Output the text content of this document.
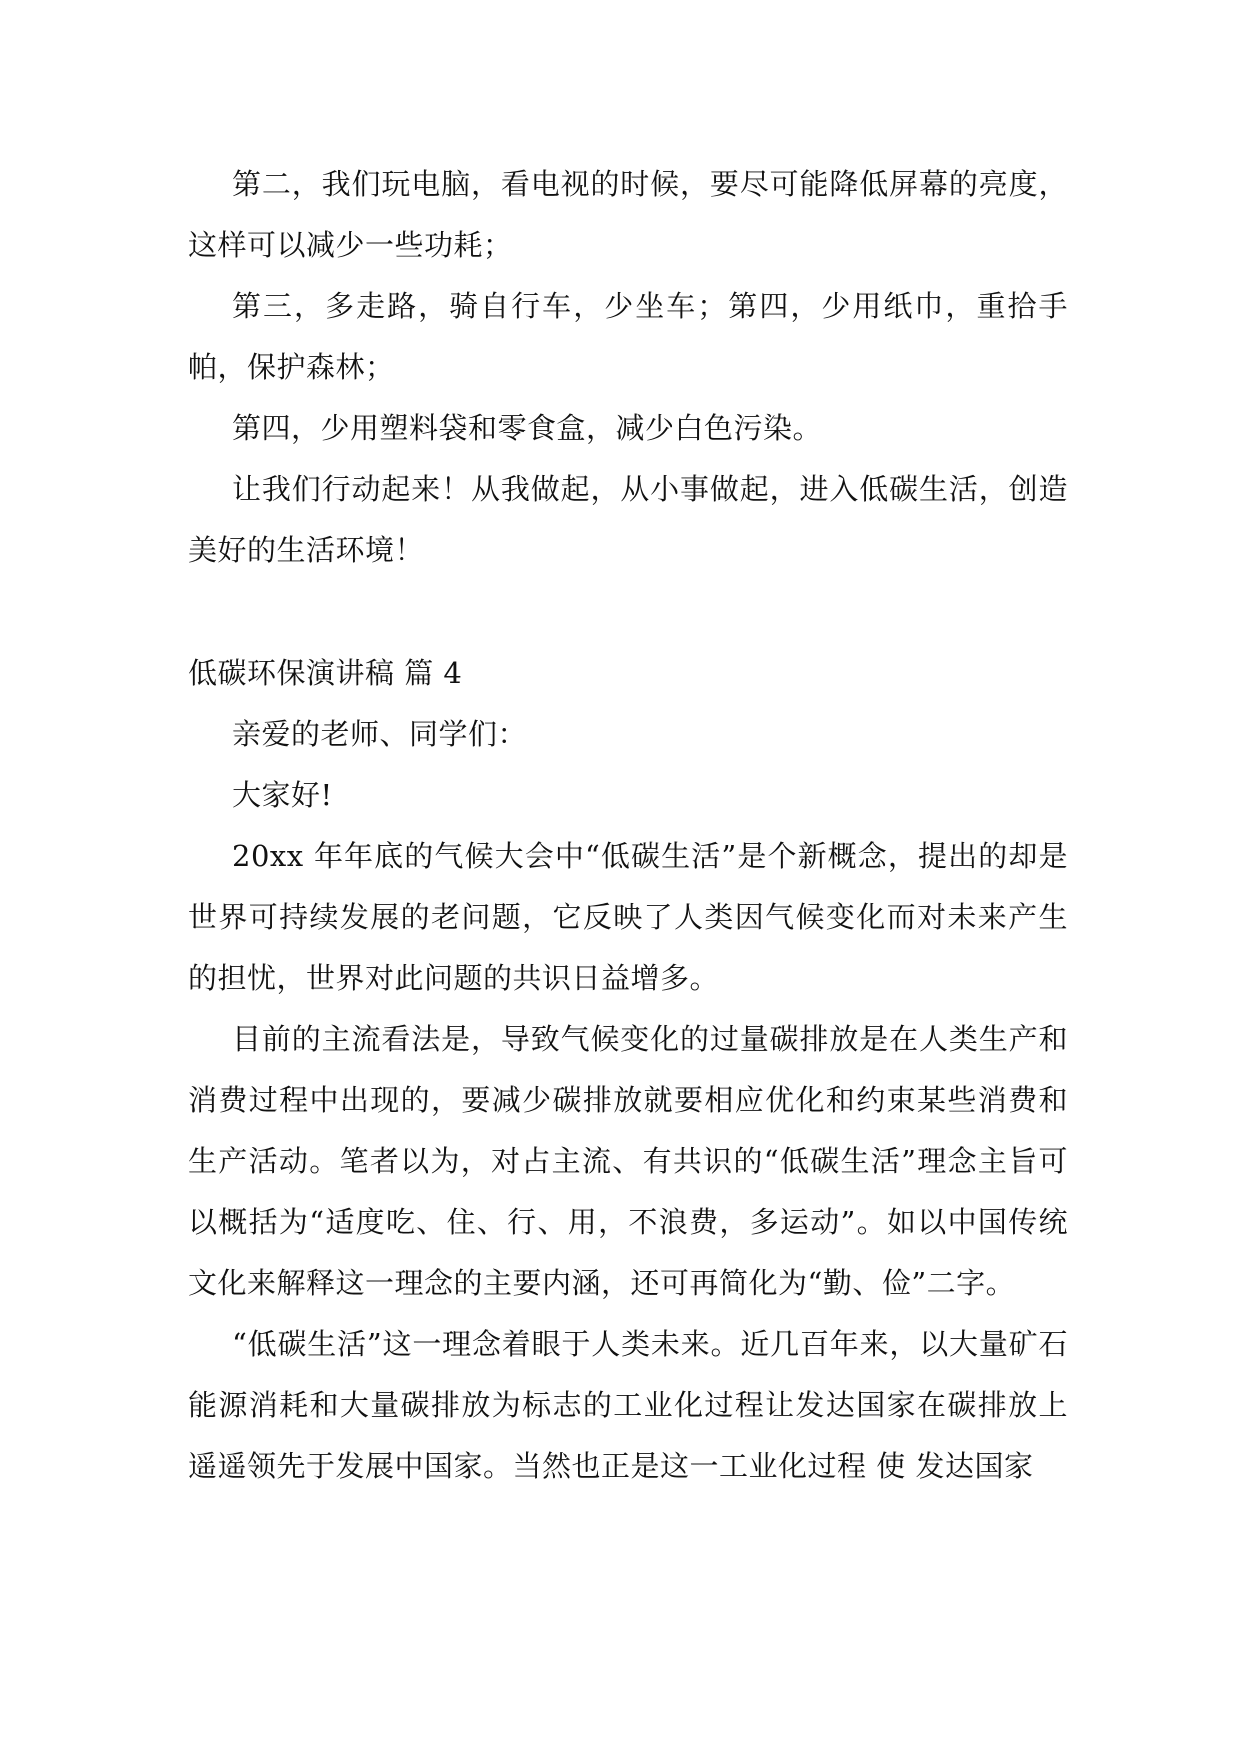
第二，我们玩电脑，看电视的时候，要尽可能降低屏幕的亮度，这样可以减少一些功耗；

第三，多走路，骑自行车，少坐车；第四，少用纸巾，重拾手帕，保护森林；

第四，少用塑料袋和零食盒，减少白色污染。

让我们行动起来！从我做起，从小事做起，进入低碳生活，创造美好的生活环境！

低碳环保演讲稿 篇 4

亲爱的老师、同学们：

大家好!

20xx 年年底的气候大会中“低碳生活”是个新概念，提出的却是世界可持续发展的老问题，它反映了人类因气候变化而对未来产生的担忧，世界对此问题的共识日益增多。

目前的主流看法是，导致气候变化的过量碳排放是在人类生产和消费过程中出现的，要减少碳排放就要相应优化和约束某些消费和生产活动。笔者以为，对占主流、有共识的“低碳生活”理念主旨可以概括为“适度吃、住、行、用，不浪费，多运动”。如以中国传统文化来解释这一理念的主要内涵，还可再简化为“勤、俭”二字。

“低碳生活”这一理念着眼于人类未来。近几百年来，以大量矿石能源消耗和大量碳排放为标志的工业化过程让发达国家在碳排放上遥遥领先于发展中国家。当然也正是这一工业化过程 使 发达国家
